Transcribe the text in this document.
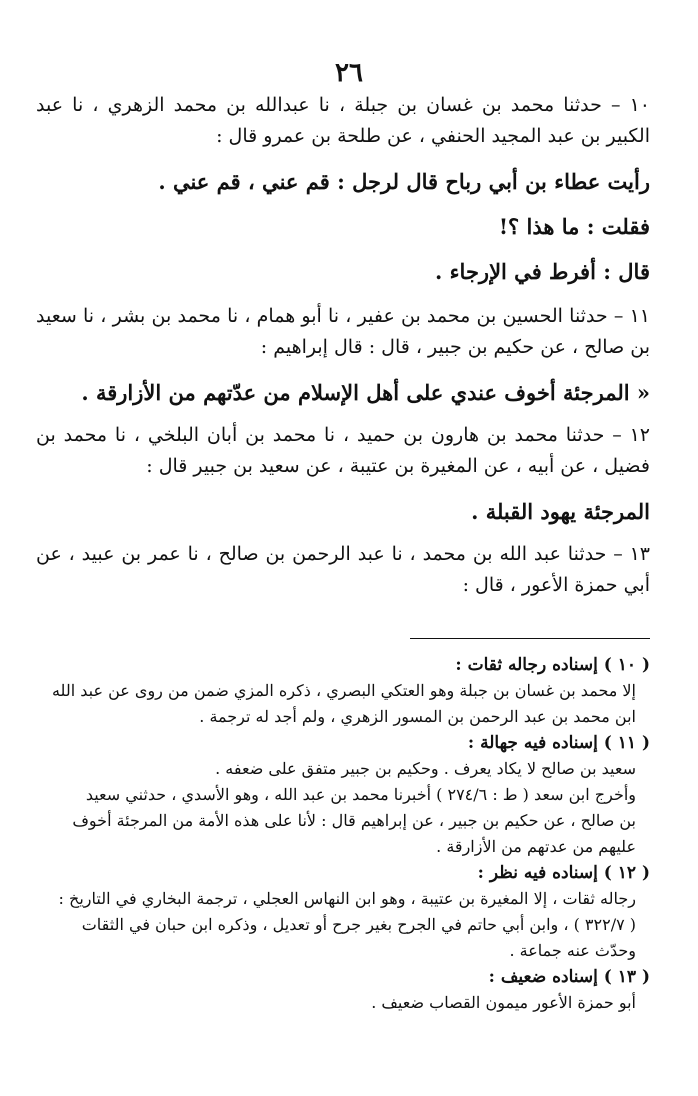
٢٦

١٠ – حدثنا محمد بن غسان بن جبلة ، نا عبدالله بن محمد الزهري ، نا عبد الكبير بن عبد المجيد الحنفي ، عن طلحة بن عمرو قال :

رأيت عطاء بن أبي رباح قال لرجل : قم عني ، قم عني .

فقلت : ما هذا ؟!

قال : أفرط في الإرجاء .

١١ – حدثنا الحسين بن محمد بن عفير ، نا أبو همام ، نا محمد بن بشر ، نا سعيد بن صالح ، عن حكيم بن جبير ، قال : قال إبراهيم :

« المرجئة أخوف عندي على أهل الإسلام من عدّتهم من الأزارقة .

١٢ – حدثنا محمد بن هارون بن حميد ، نا محمد بن أبان البلخي ، نا محمد بن فضيل ، عن أبيه ، عن المغيرة بن عتيبة ، عن سعيد بن جبير قال :

المرجئة يهود القبلة .

١٣ – حدثنا عبد الله بن محمد ، نا عبد الرحمن بن صالح ، نا عمر بن عبيد ، عن أبي حمزة الأعور ، قال :

( ١٠ ) إسناده رجاله ثقات :

إلا محمد بن غسان بن جبلة وهو العتكي البصري ، ذكره المزي ضمن من روى عن عبد الله

ابن محمد بن عبد الرحمن بن المسور الزهري ، ولم أجد له ترجمة .

( ١١ ) إسناده فيه جهالة :

سعيد بن صالح لا يكاد يعرف . وحكيم بن جبير متفق على ضعفه .

وأخرج ابن سعد ( ط : ٢٧٤/٦ ) أخبرنا محمد بن عبد الله ، وهو الأسدي ، حدثني سعيد

بن صالح ، عن حكيم بن جبير ، عن إبراهيم قال : لأنا على هذه الأمة من المرجئة أخوف

عليهم من عدتهم من الأزارقة .

( ١٢ ) إسناده فيه نظر :

رجاله ثقات ، إلا المغيرة بن عتيبة ، وهو ابن النهاس العجلي ، ترجمة البخاري في التاريخ :

( ٣٢٢/٧ ) ، وابن أبي حاتم في الجرح بغير جرح أو تعديل ، وذكره ابن حبان في الثقات

وحدّث عنه جماعة .

( ١٣ ) إسناده ضعيف :

أبو حمزة الأعور ميمون القصاب ضعيف .
